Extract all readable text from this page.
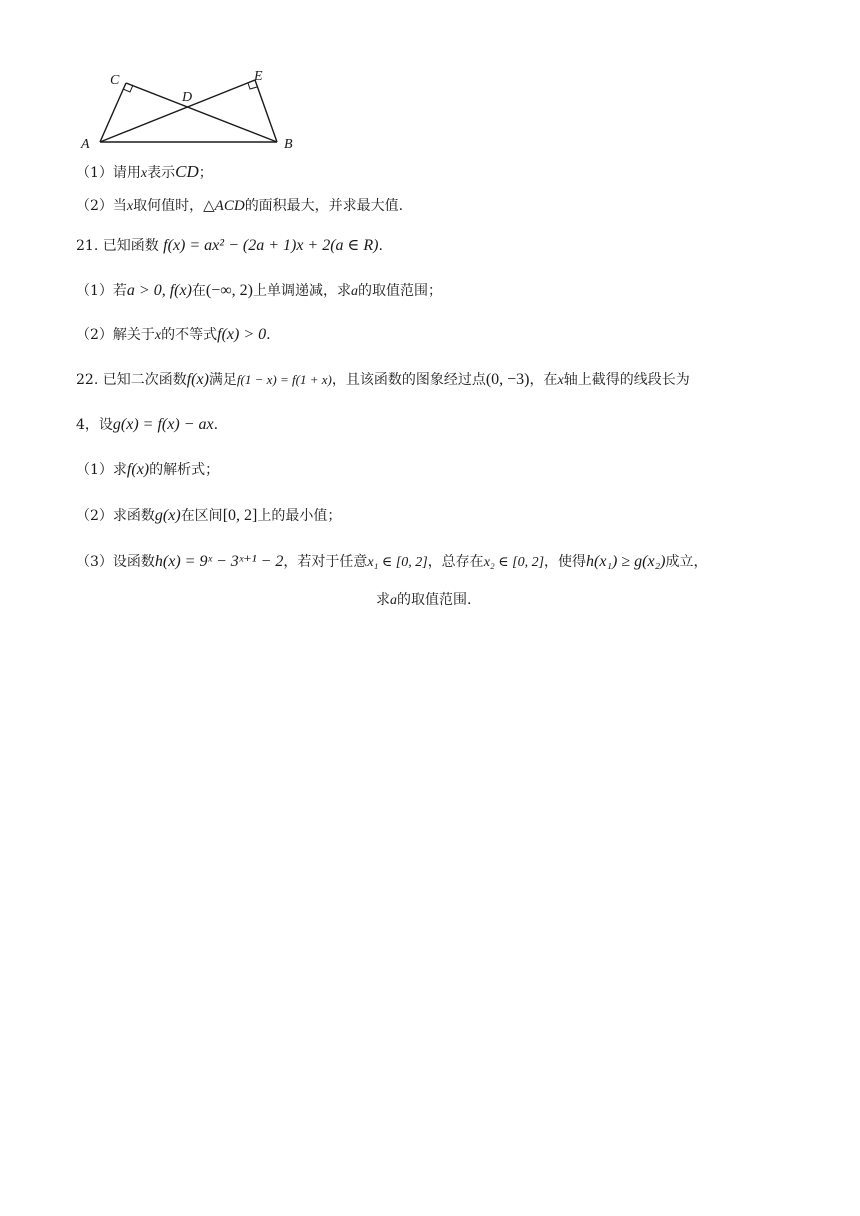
A	B
C
D
E
（1）请用x表示CD；
（2）当x取何值时，△ACD的面积最大，并求最大值.
21. 已知函数 f(x) = ax² − (2a + 1)x + 2(a ∈ R).
（1）若a > 0, f(x)在(−∞, 2)上单调递减，求a的取值范围；
（2）解关于x的不等式f(x) > 0.
22. 已知二次函数f(x)满足f(1 − x) = f(1 + x)，且该函数的图象经过点(0, −3)，在x轴上截得的线段长为
4，设g(x) = f(x) − ax.
（1）求f(x)的解析式；
（2）求函数g(x)在区间[0, 2]上的最小值；
（3）设函数h(x) = 9ˣ − 3ˣ⁺¹ − 2，若对于任意x₁ ∈ [0, 2]，总存在x₂ ∈ [0, 2]，使得h(x₁) ≥ g(x₂)成立，
求a的取值范围.
